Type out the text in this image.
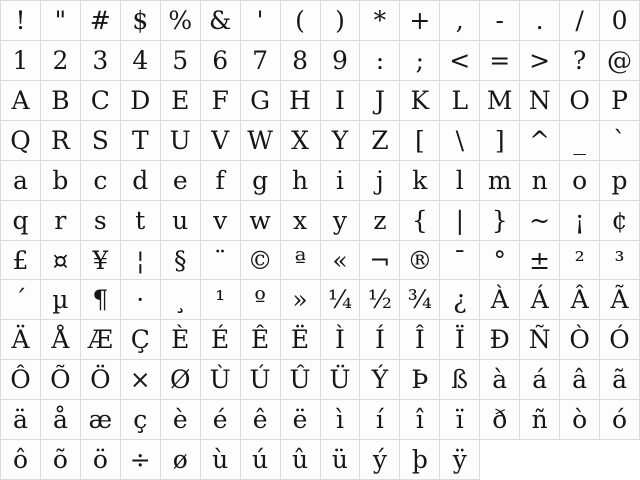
!	" # $ % &	'	(	)	* +	,	-	.	/	0
1 2 3 4 5 6 7 8 9	:	;	< = > ? @
A B C D E F G H I	J	K L M N O P
Q R S T U V W X Y Z	[	\	] ^ _	`
a b c d e	f	g h	i	j	k	l m n o p
q	r	s	t	u v w x	y	z	{	|	} ~ ¡	¢
£ ¤ ¥	¦	§	¨ © ª	« ¬ ® ¯	° ± ²	³
´	µ ¶	·	¸	¹	º	» ¼ ½ ¾ ¿ À Á Â Ã
Ä Å Æ Ç È É Ê Ë	Ì	Í	Î	Ï Ð Ñ Ò Ó
Ô Õ Ö × Ø Ù Ú Û Ü Ý Þ ß à	á	â	ã
ä	å æ ç	è	é	ê	ë	ì	í	î	ï	ð ñ ò ó
ô õ ö ÷ ø ù ú û ü ý þ ÿ
